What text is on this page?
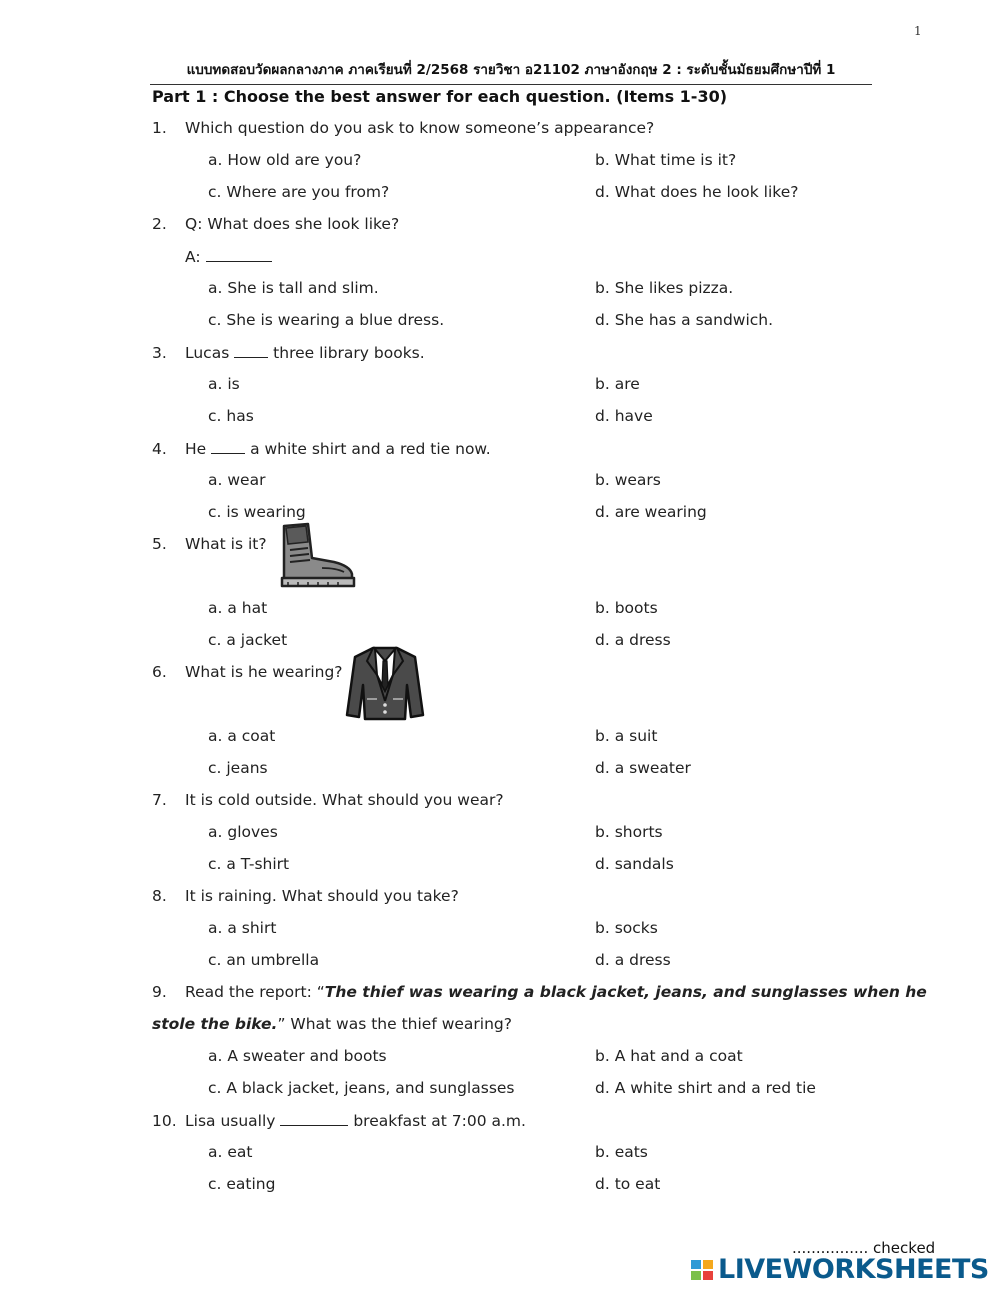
1
แบบทดสอบวัดผลกลางภาค ภาคเรียนที่ 2/2568 รายวิชา อ21102 ภาษาอังกฤษ 2 : ระดับชั้นมัธยมศึกษาปีที่ 1
Part 1 : Choose the best answer for each question. (Items 1-30)
1. Which question do you ask to know someone’s appearance?
a. How old are you?	b. What time is it?
c. Where are you from?	d. What does he look like?
2. Q: What does she look like?
A:
a. She is tall and slim.	b. She likes pizza.
c. She is wearing a blue dress.	d. She has a sandwich.
3. Lucas	three library books.
a. is	b. are
c. has	d. have
4. He	a white shirt and a red tie now.
a. wear	b. wears
c. is wearing	d. are wearing
5. What is it?
a. a hat	b. boots
c. a jacket	d. a dress
6. What is he wearing?
a. a coat	b. a suit
c. jeans	d. a sweater
7. It is cold outside. What should you wear?
a. gloves	b. shorts
c. a T-shirt	d. sandals
8. It is raining. What should you take?
a. a shirt	b. socks
c. an umbrella	d. a dress
9. Read the report: “The thief was wearing a black jacket, jeans, and sunglasses when he
stole the bike.” What was the thief wearing?
a. A sweater and boots	b. A hat and a coat
c. A black jacket, jeans, and sunglasses	d. A white shirt and a red tie
10. Lisa usually	breakfast at 7:00 a.m.
a. eat	b. eats
c. eating	d. to eat
................ checked
LIVEWORKSHEETS
